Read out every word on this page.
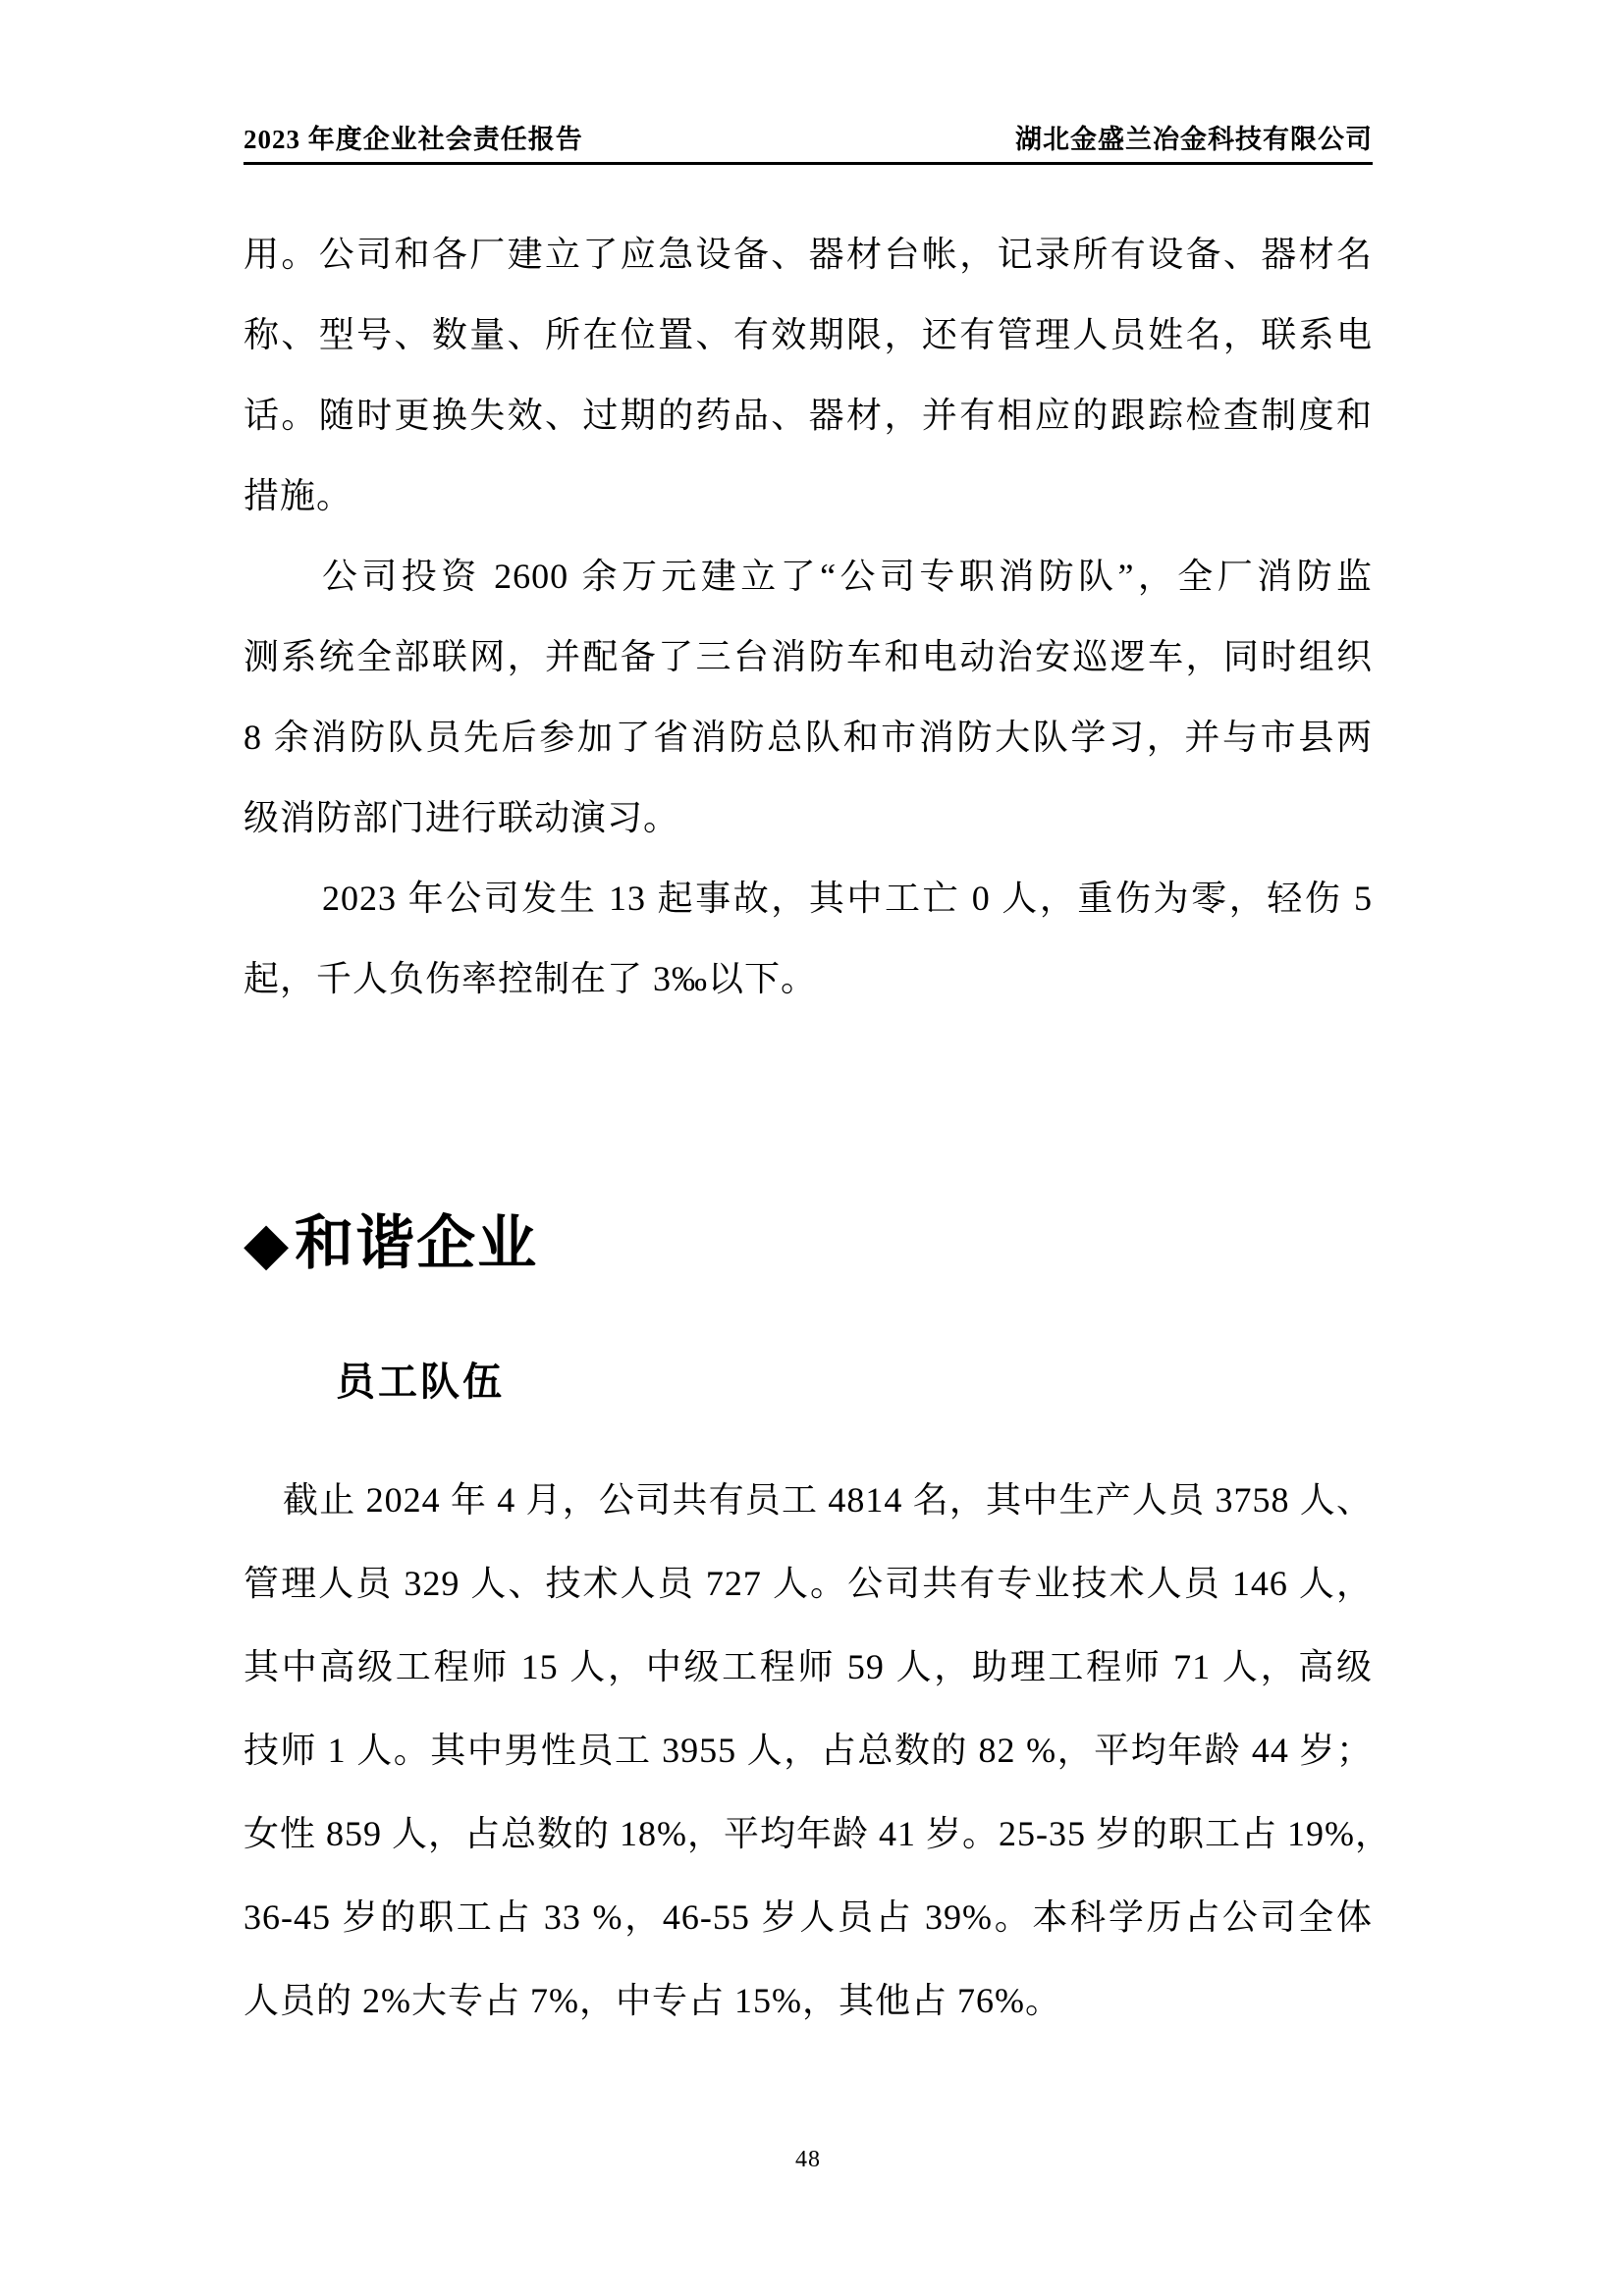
2023 年度企业社会责任报告	湖北金盛兰冶金科技有限公司
用。公司和各厂建立了应急设备、器材台帐，记录所有设备、器材名
称、型号、数量、所在位置、有效期限，还有管理人员姓名，联系电
话。随时更换失效、过期的药品、器材，并有相应的跟踪检查制度和
措施。
公司投资 2600 余万元建立了“公司专职消防队”，全厂消防监
测系统全部联网，并配备了三台消防车和电动治安巡逻车，同时组织
8 余消防队员先后参加了省消防总队和市消防大队学习，并与市县两
级消防部门进行联动演习。
2023 年公司发生 13 起事故，其中工亡 0 人，重伤为零，轻伤 5
起，千人负伤率控制在了 3‰以下。
◆和谐企业
员工队伍
截止 2024 年 4 月，公司共有员工 4814 名，其中生产人员 3758 人、
管理人员 329 人、技术人员 727 人。公司共有专业技术人员 146 人，
其中高级工程师 15 人，中级工程师 59 人，助理工程师 71 人，高级
技师 1 人。其中男性员工 3955 人，占总数的 82 %，平均年龄 44 岁；
女性 859 人，占总数的 18%，平均年龄 41 岁。25-35 岁的职工占 19%，
36-45 岁的职工占 33 %，46-55 岁人员占 39%。本科学历占公司全体
人员的 2%大专占 7%，中专占 15%，其他占 76%。
48
